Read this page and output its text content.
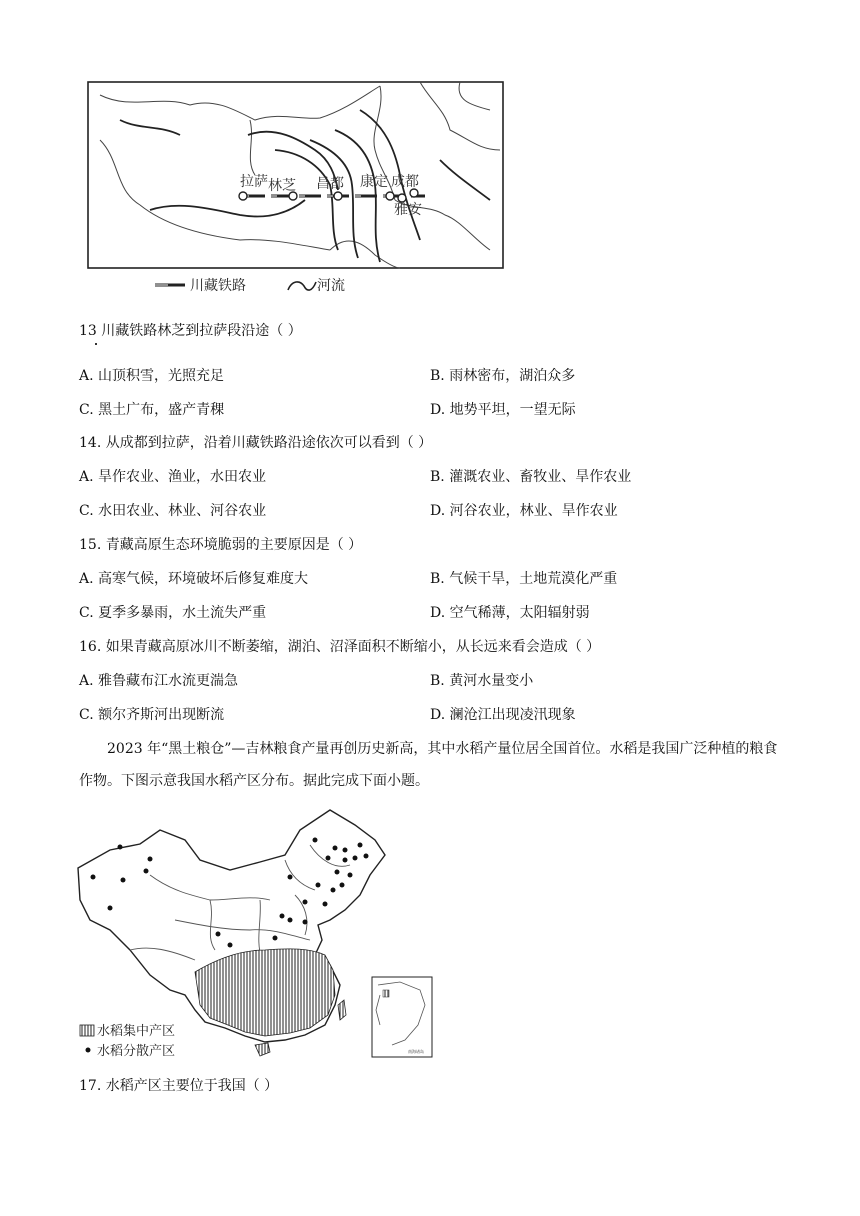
拉萨 林芝 昌都 康定 成都
雅安
川藏铁路	河流
13 川藏铁路林芝到拉萨段沿途（ ）
A. 山顶积雪，光照充足	B. 雨林密布，湖泊众多
C. 黑土广布，盛产青稞	D. 地势平坦，一望无际
14. 从成都到拉萨，沿着川藏铁路沿途依次可以看到（ ）
A. 旱作农业、渔业，水田农业	B. 灌溉农业、畜牧业、旱作农业
C. 水田农业、林业、河谷农业	D. 河谷农业，林业、旱作农业
15. 青藏高原生态环境脆弱的主要原因是（ ）
A. 高寒气候，环境破坏后修复难度大	B. 气候干旱，土地荒漠化严重
C. 夏季多暴雨，水土流失严重	D. 空气稀薄，太阳辐射弱
16. 如果青藏高原冰川不断萎缩，湖泊、沼泽面积不断缩小，从长远来看会造成（ ）
A. 雅鲁藏布江水流更湍急	B. 黄河水量变小
C. 额尔齐斯河出现断流	D. 澜沧江出现凌汛现象
2023 年“黑土粮仓”—吉林粮食产量再创历史新高，其中水稻产量位居全国首位。水稻是我国广泛种植的粮食作物。下图示意我国水稻产区分布。据此完成下面小题。
南海诸岛
水稻集中产区
水稻分散产区
17. 水稻产区主要位于我国（ ）
